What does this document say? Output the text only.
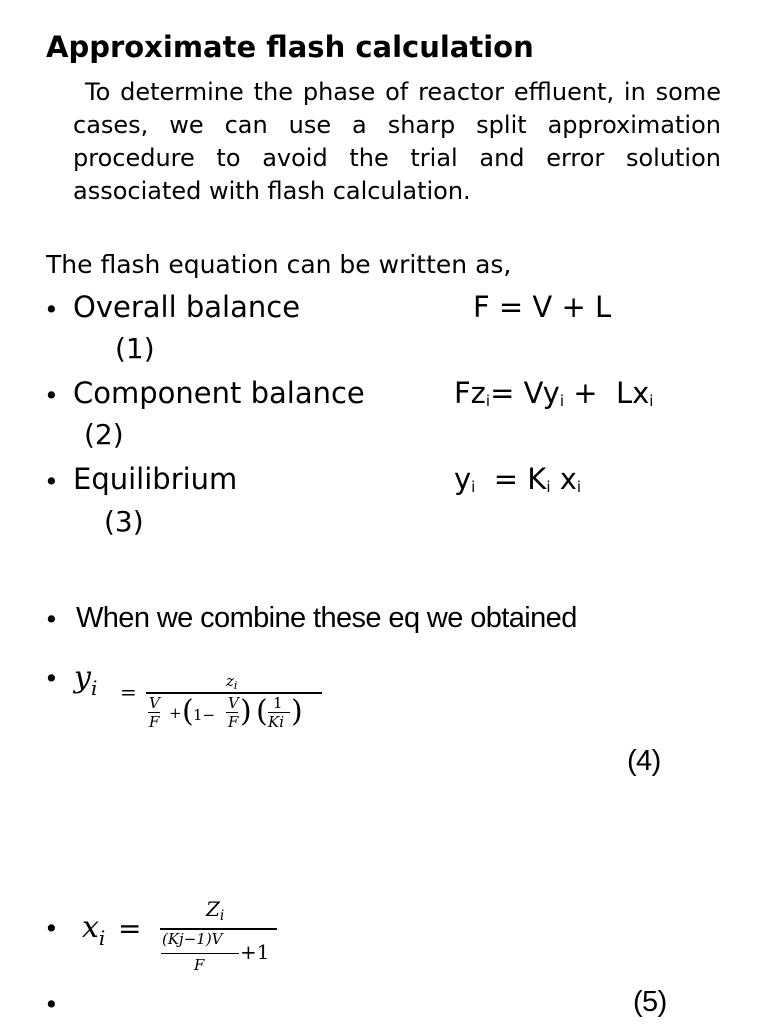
Approximate flash calculation
To determine the phase of reactor effluent, in some cases, we can use a sharp split approximation procedure to avoid the trial and error solution associated with flash calculation.
The flash equation can be written as,
• Overall balance	F = V + L
(1)
• Component balance	$Fz_i= Vy_i + Lx_i$
(2)
• Equilibrium	$y_i = K_i$ $x_i$
(3)
• When we combine these eq we obtained
• $y_i$ =	$z_i$
V
F + ( 1−
V
F ) ( 1
Ki )
(4)
• $x_i$ =
$Z_i$
(Kj−1)V
F
+1
•	(5)
